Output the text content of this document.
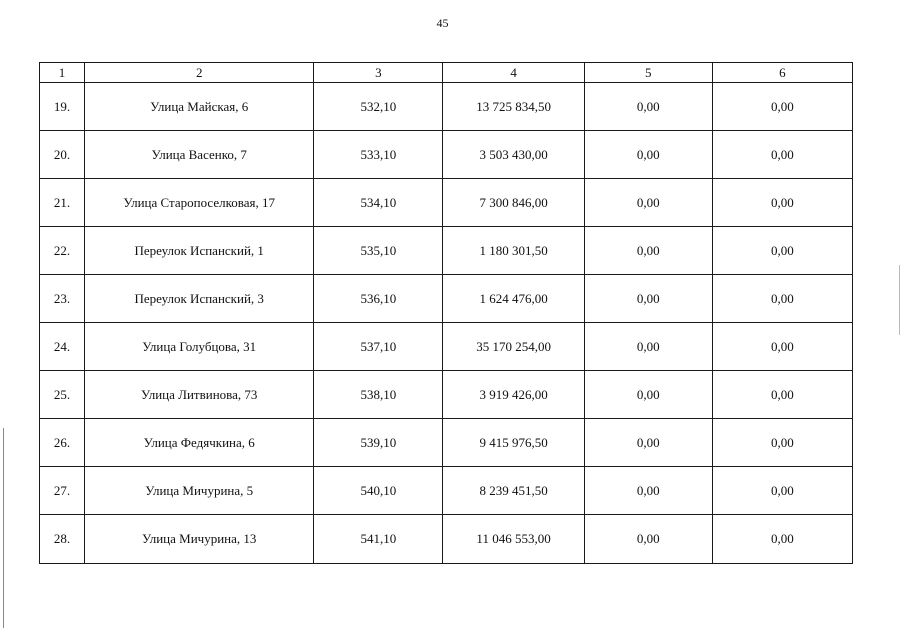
45
1	2	3	4	5	6
19.	Улица Майская, 6	532,10	13 725 834,50	0,00	0,00
20.	Улица Васенко, 7	533,10	3 503 430,00	0,00	0,00
21.	Улица Старопоселковая, 17	534,10	7 300 846,00	0,00	0,00
22.	Переулок Испанский, 1	535,10	1 180 301,50	0,00	0,00
23.	Переулок Испанский, 3	536,10	1 624 476,00	0,00	0,00
24.	Улица Голубцова, 31	537,10	35 170 254,00	0,00	0,00
25.	Улица Литвинова, 73	538,10	3 919 426,00	0,00	0,00
26.	Улица Федячкина, 6	539,10	9 415 976,50	0,00	0,00
27.	Улица Мичурина, 5	540,10	8 239 451,50	0,00	0,00
28.	Улица Мичурина, 13	541,10	11 046 553,00	0,00	0,00
